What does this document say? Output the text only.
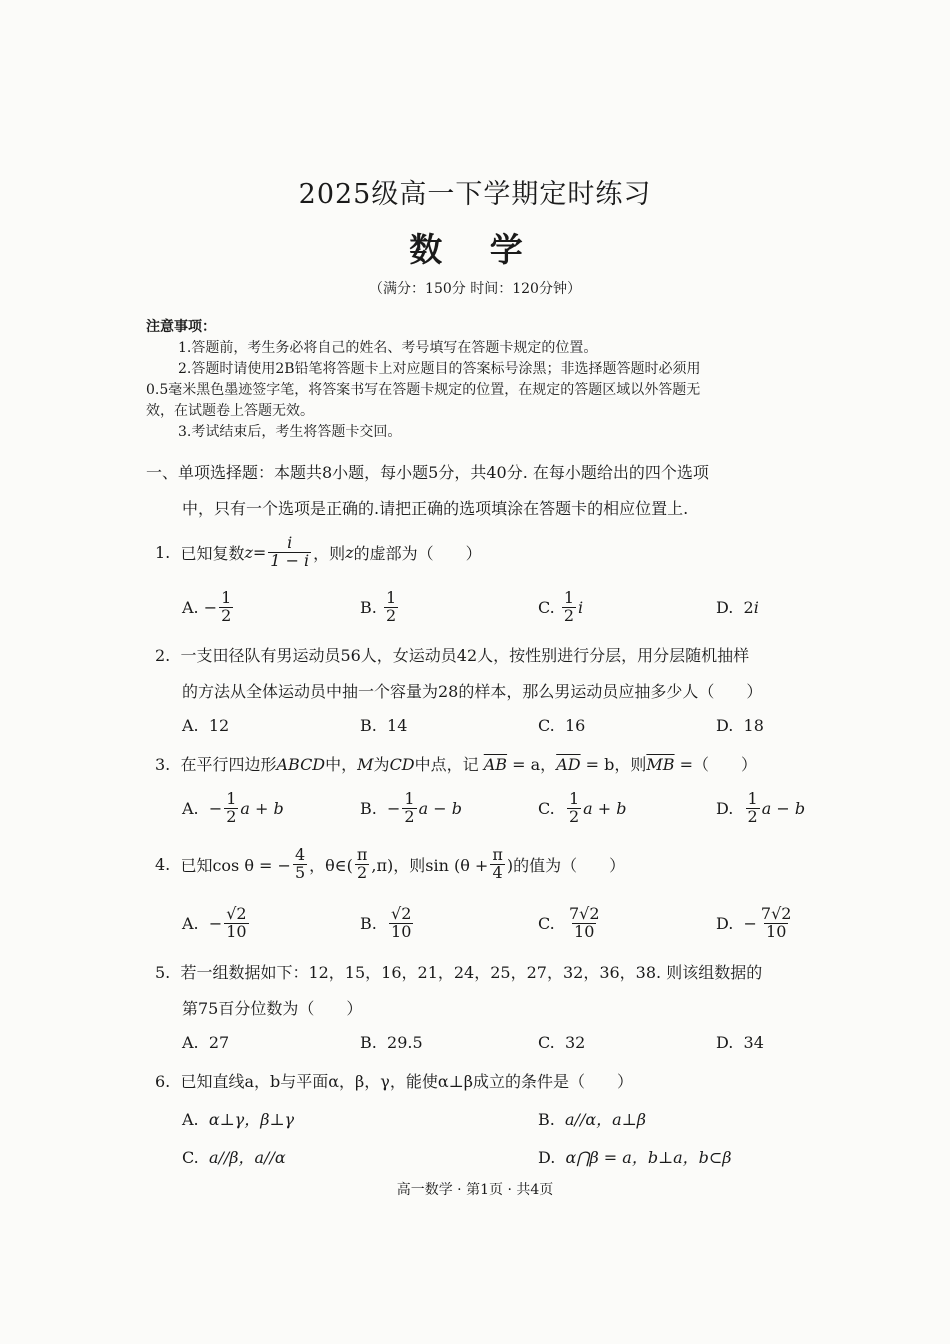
2025级高一下学期定时练习
数 学
（满分：150分 时间：120分钟）
注意事项：
1.答题前，考生务必将自己的姓名、考号填写在答题卡规定的位置。
2.答题时请使用2B铅笔将答题卡上对应题目的答案标号涂黑；非选择题答题时必须用
0.5毫米黑色墨迹签字笔，将答案书写在答题卡规定的位置，在规定的答题区域以外答题无
效，在试题卷上答题无效。
3.考试结束后，考生将答题卡交回。
一、单项选择题：本题共8小题，每小题5分，共40分. 在每小题给出的四个选项
中，只有一个选项是正确的.请把正确的选项填涂在答题卡的相应位置上.
1.
已知复数 $z = \frac{i}{1 - i}$ ，则 z 的虚部为（　　）
A.
− $\frac{1}{2}$	B.
$\frac{1}{2}$	C.
$\frac{1}{2}$ i	D.
2 i
2. 一支田径队有男运动员56人，女运动员42人，按性别进行分层，用分层随机抽样
的方法从全体运动员中抽一个容量为28的样本，那么男运动员应抽多少人（　　）
A. 12	B. 14	C. 16	D. 18
3. 在平行四边形ABCD中，M为CD中点，记 $\overline{AB} = a$，$\overline{AD} = b$，则$\overline{MB}$ =（　　）
A.
− $\frac{1}{2}$ a + b	B.
− $\frac{1}{2}$ a − b	C.
$\frac{1}{2}$ a + b	D.
$\frac{1}{2}$ a − b
4.
已知cos θ = − $\frac{4}{5}$ ，θ∈( $\frac{\pi}{2} ,\pi$)，则$\sin (\theta + \frac{\pi}{4}$ )的值为（　　）
A.
− $\frac{√2}{10}$	B.
$\frac{√2}{10}$	C.
$\frac{7√2}{10}$	D.
− $\frac{7√2}{10}$
5. 若一组数据如下：12，15，16，21，24，25，27，32，36，38. 则该组数据的
第75百分位数为（　　）
A. 27	B. 29.5	C. 32	D. 34
6. 已知直线a，b与平面α，β，γ，能使α⊥β成立的条件是（　　）
A. α⊥γ，β⊥γ	B. a//α，a⊥β
C. a//β，a//α	D. α⋂β = a，b⊥a，b⊂β
高一数学 · 第1页 · 共4页
